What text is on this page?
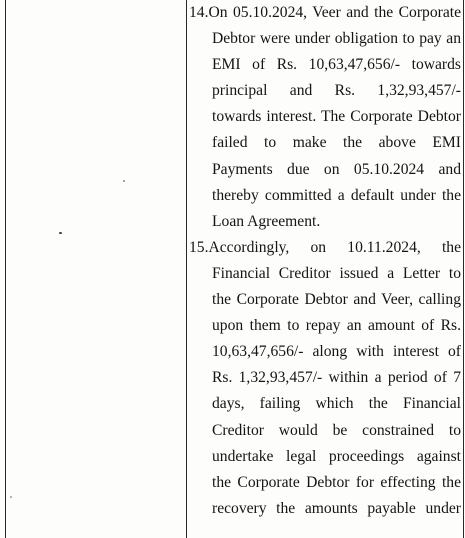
14.On 05.10.2024, Veer and the Corporate
Debtor were under obligation to pay an
EMI of Rs. 10,63,47,656/- towards
principal and Rs. 1,32,93,457/-
towards interest. The Corporate Debtor
failed to make the above EMI
Payments due on 05.10.2024 and
thereby committed a default under the
Loan Agreement.
15.Accordingly, on 10.11.2024, the
Financial Creditor issued a Letter to
the Corporate Debtor and Veer, calling
upon them to repay an amount of Rs.
10,63,47,656/- along with interest of
Rs. 1,32,93,457/- within a period of 7
days, failing which the Financial
Creditor would be constrained to
undertake legal proceedings against
the Corporate Debtor for effecting the
recovery the amounts payable under
